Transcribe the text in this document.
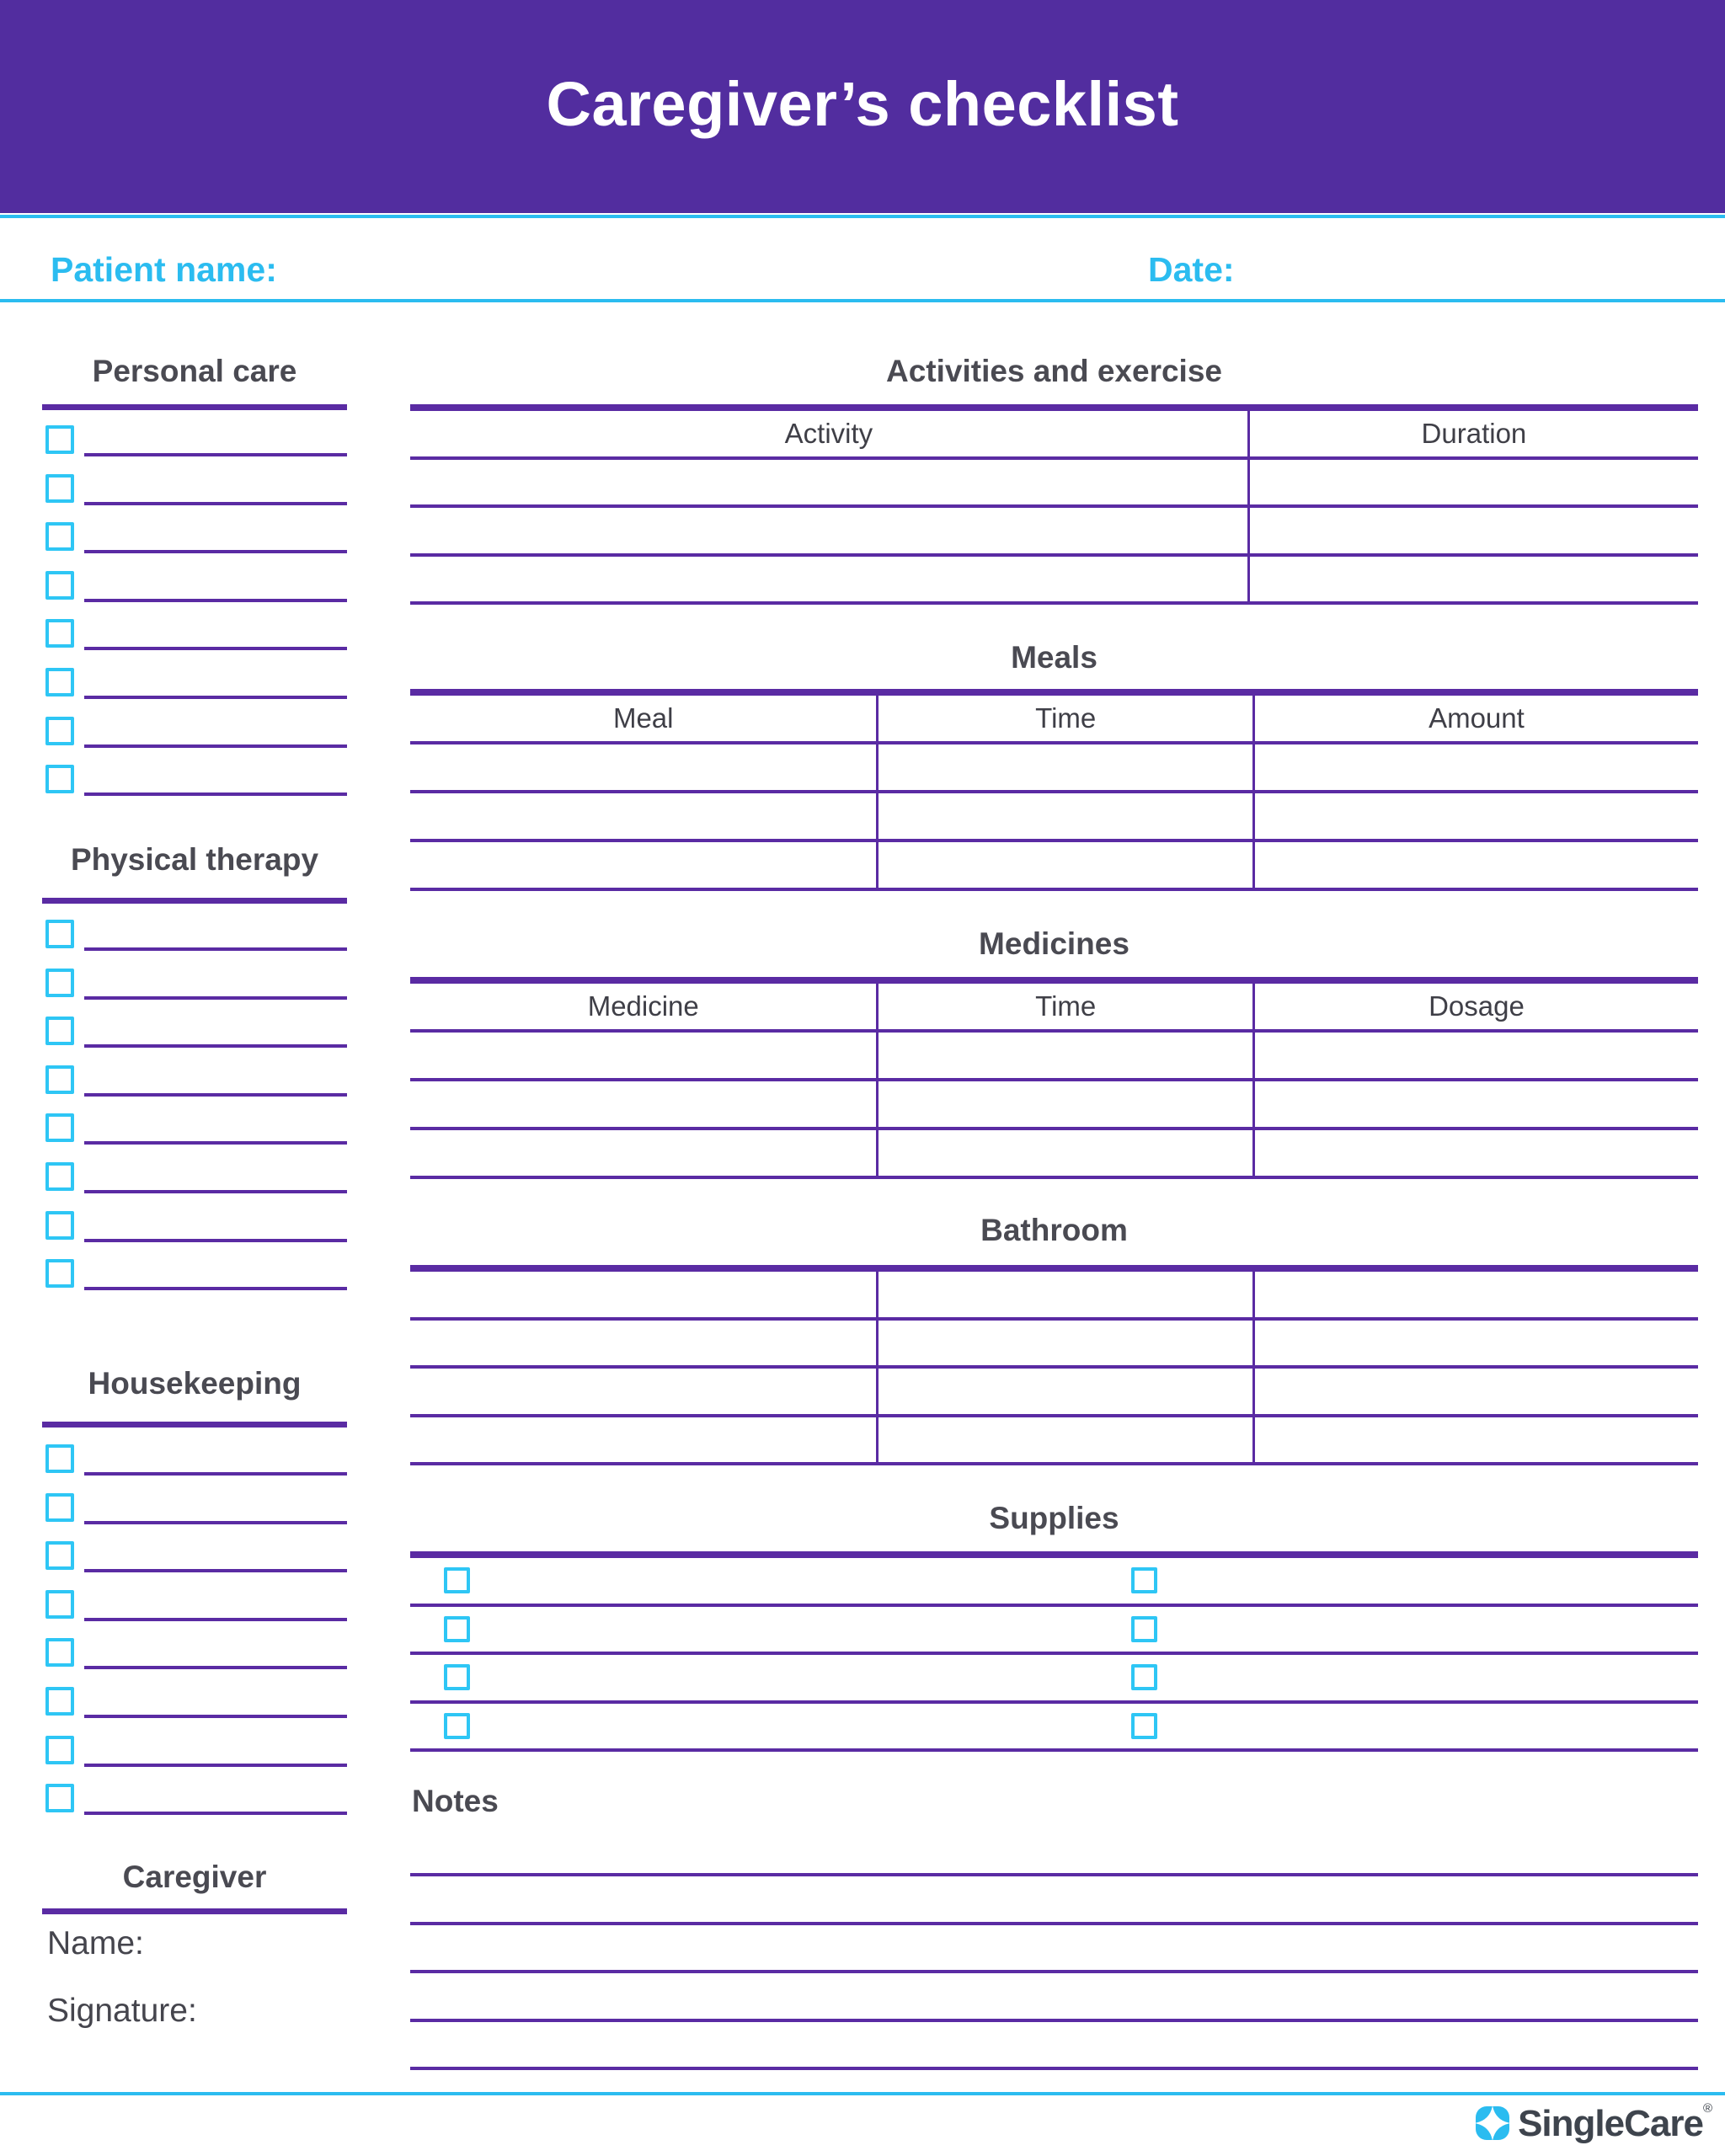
Caregiver’s checklist
Patient name:	Date:
Personal care
Physical therapy
Housekeeping
Caregiver
Name:
Signature:
Activities and exercise
Activity	Duration
Meals
Meal	Time	Amount
Medicines
Medicine	Time	Dosage
Bathroom
Supplies
Notes
SingleCare®
